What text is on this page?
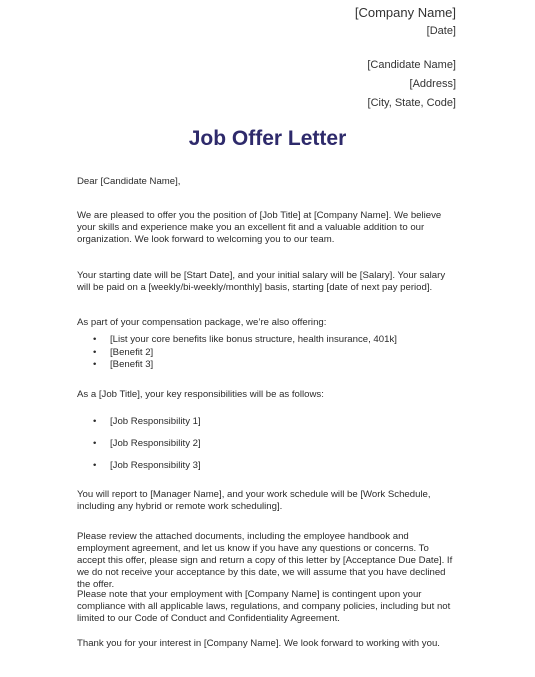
[Company Name]
[Date]
[Candidate Name]
[Address]
[City, State, Code]
Job Offer Letter

Dear [Candidate Name],

We are pleased to offer you the position of [Job Title] at [Company Name]. We believe your skills and experience make you an excellent fit and a valuable addition to our organization. We look forward to welcoming you to our team.

Your starting date will be [Start Date], and your initial salary will be [Salary]. Your salary will be paid on a [weekly/bi-weekly/monthly] basis, starting [date of next pay period].

As part of your compensation package, we’re also offering:

• [List your core benefits like bonus structure, health insurance, 401k]
• [Benefit 2]
• [Benefit 3]

As a [Job Title], your key responsibilities will be as follows:

• [Job Responsibility 1]
• [Job Responsibility 2]
• [Job Responsibility 3]

You will report to [Manager Name], and your work schedule will be [Work Schedule, including any hybrid or remote work scheduling].

Please review the attached documents, including the employee handbook and employment agreement, and let us know if you have any questions or concerns. To accept this offer, please sign and return a copy of this letter by [Acceptance Due Date]. If we do not receive your acceptance by this date, we will assume that you have declined the offer.

Please note that your employment with [Company Name] is contingent upon your compliance with all applicable laws, regulations, and company policies, including but not limited to our Code of Conduct and Confidentiality Agreement.

Thank you for your interest in [Company Name]. We look forward to working with you.
